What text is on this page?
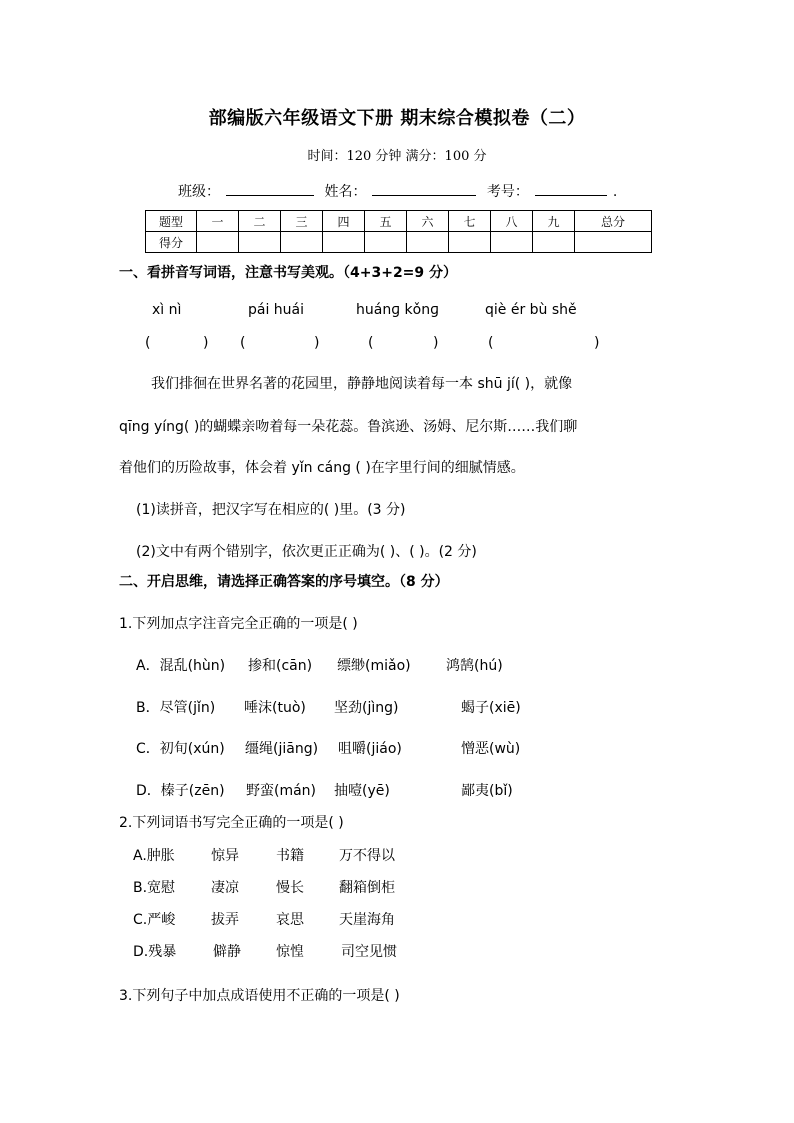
部编版六年级语文下册 期末综合模拟卷（二）
时间：120 分钟 满分：100 分
班级：	姓名：	考号：	.
题型	一	二	三	四	五	六	七	八	九	总分
得分										
一、看拼音写词语，注意书写美观。（4+3+2=9 分）
xì nì	pái huái	huánɡ kǒnɡ	qiè ér bù shě
(	) (	)	(	)	(	)
我们排徊在世界名著的花园里，静静地阅读着每一本 shū jí( )，就像
qīng yíng( )的蝴蝶亲吻着每一朵花蕊。鲁滨逊、汤姆、尼尔斯……我们聊
着他们的历险故事，体会着 yǐn cáng ( )在字里行间的细腻情感。
(1)读拼音，把汉字写在相应的( )里。(3 分)
(2)文中有两个错别字，依次更正正确为( )、( )。(2 分)
二、开启思维，请选择正确答案的序号填空。（8 分）
1.下列加点字注音完全正确的一项是( )
A．混乱(hùn) 掺和(cān) 缥缈(miǎo)	鸿鹄(hú)
B．尽管(jǐn) 唾沫(tuò) 坚劲(jìng)	蝎子(xiē)
C．初旬(xún) 缰绳(jiāng) 咀嚼(jiáo)	憎恶(wù)
D．榛子(zēn) 野蛮(mán) 抽噎(yē)	鄙夷(bǐ)
2.下列词语书写完全正确的一项是( )
A.肿胀	惊异	书籍	万不得以
B.宽慰	凄凉	慢长	翻箱倒柜
C.严峻	拔弄	哀思	天崖海角
D.残暴	僻静	惊惶	司空见惯
3.下列句子中加点成语使用不正确的一项是( )
